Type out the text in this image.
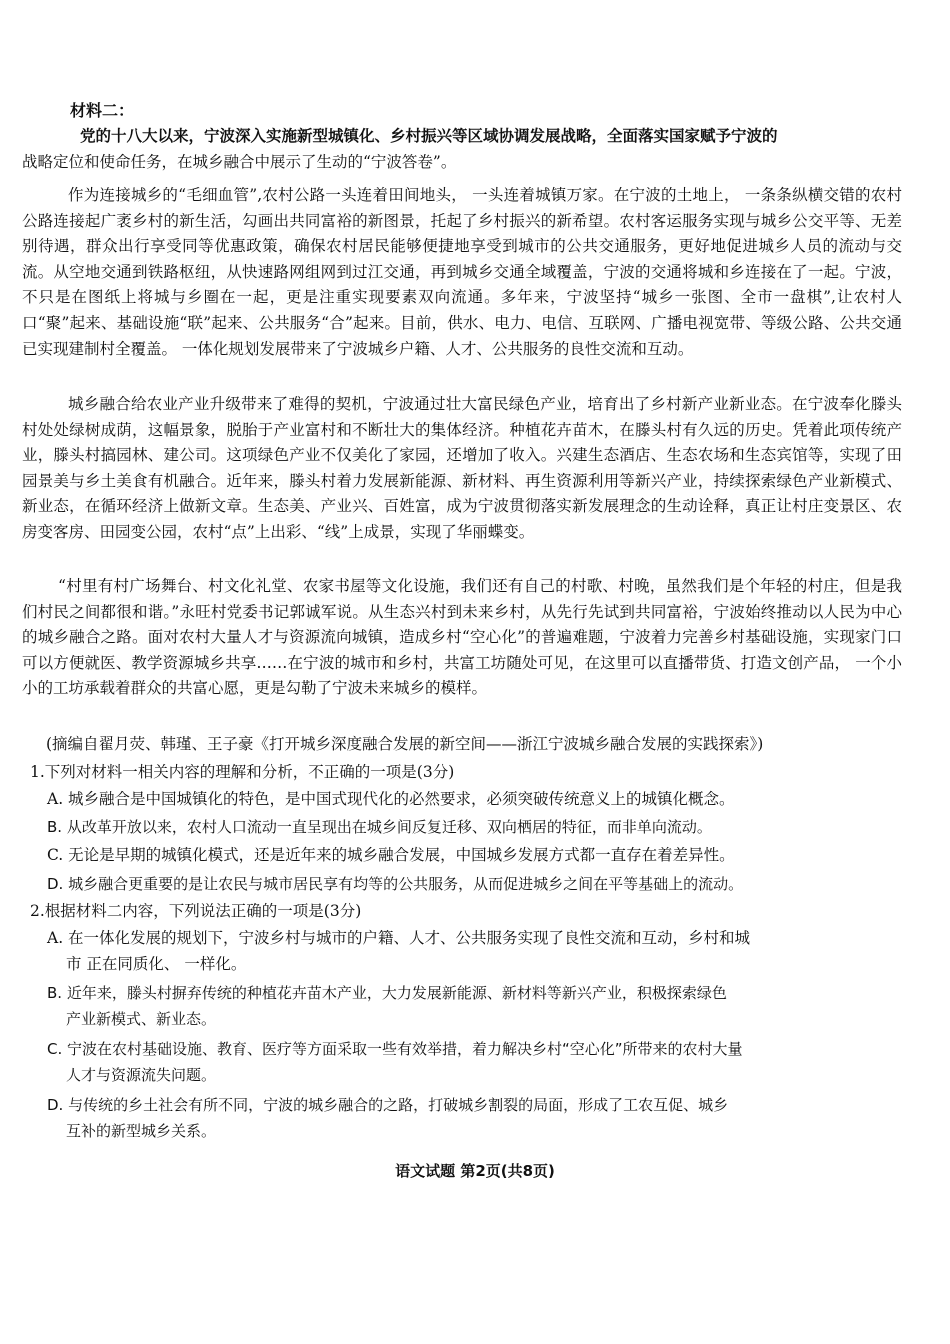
材料二：
党的十八大以来，宁波深入实施新型城镇化、乡村振兴等区域协调发展战略，全面落实国家赋予宁波的
战略定位和使命任务，在城乡融合中展示了生动的“宁波答卷”。
作为连接城乡的“毛细血管”,农村公路一头连着田间地头， 一头连着城镇万家。在宁波的土地上， 一条条纵横交错的农村公路连接起广袤乡村的新生活，勾画出共同富裕的新图景，托起了乡村振兴的新希望。农村客运服务实现与城乡公交平等、无差别待遇，群众出行享受同等优惠政策，确保农村居民能够便捷地享受到城市的公共交通服务，更好地促进城乡人员的流动与交流。从空地交通到铁路枢纽，从快速路网组网到过江交通，再到城乡交通全域覆盖，宁波的交通将城和乡连接在了一起。宁波，不只是在图纸上将城与乡圈在一起，更是注重实现要素双向流通。多年来，宁波坚持“城乡一张图、全市一盘棋”,让农村人口“聚”起来、基础设施“联”起来、公共服务“合”起来。目前，供水、电力、电信、互联网、广播电视宽带、等级公路、公共交通已实现建制村全覆盖。 一体化规划发展带来了宁波城乡户籍、人才、公共服务的良性交流和互动。
城乡融合给农业产业升级带来了难得的契机，宁波通过壮大富民绿色产业，培育出了乡村新产业新业态。在宁波奉化滕头村处处绿树成荫，这幅景象，脱胎于产业富村和不断壮大的集体经济。种植花卉苗木，在滕头村有久远的历史。凭着此项传统产业，滕头村搞园林、建公司。这项绿色产业不仅美化了家园，还增加了收入。兴建生态酒店、生态农场和生态宾馆等，实现了田园景美与乡土美食有机融合。近年来，滕头村着力发展新能源、新材料、再生资源利用等新兴产业，持续探索绿色产业新模式、新业态，在循环经济上做新文章。生态美、产业兴、百姓富，成为宁波贯彻落实新发展理念的生动诠释，真正让村庄变景区、农房变客房、田园变公园，农村“点”上出彩、“线”上成景，实现了华丽蝶变。
“村里有村广场舞台、村文化礼堂、农家书屋等文化设施，我们还有自己的村歌、村晚，虽然我们是个年轻的村庄，但是我们村民之间都很和谐。”永旺村党委书记郭诚军说。从生态兴村到未来乡村，从先行先试到共同富裕，宁波始终推动以人民为中心的城乡融合之路。面对农村大量人才与资源流向城镇，造成乡村“空心化”的普遍难题，宁波着力完善乡村基础设施，实现家门口可以方便就医、教学资源城乡共享……在宁波的城市和乡村，共富工坊随处可见，在这里可以直播带货、打造文创产品， 一个小小的工坊承载着群众的共富心愿，更是勾勒了宁波未来城乡的模样。
(摘编自翟月荧、韩瑾、王子豪《打开城乡深度融合发展的新空间——浙江宁波城乡融合发展的实践探索》)
1.下列对材料一相关内容的理解和分析，不正确的一项是(3分)
A. 城乡融合是中国城镇化的特色，是中国式现代化的必然要求，必须突破传统意义上的城镇化概念。
B. 从改革开放以来，农村人口流动一直呈现出在城乡间反复迁移、双向栖居的特征，而非单向流动。
C. 无论是早期的城镇化模式，还是近年来的城乡融合发展，中国城乡发展方式都一直存在着差异性。
D. 城乡融合更重要的是让农民与城市居民享有均等的公共服务，从而促进城乡之间在平等基础上的流动。
2.根据材料二内容，下列说法正确的一项是(3分)
A. 在一体化发展的规划下，宁波乡村与城市的户籍、人才、公共服务实现了良性交流和互动，乡村和城
市 正在同质化、 一样化。
B. 近年来，滕头村摒弃传统的种植花卉苗木产业，大力发展新能源、新材料等新兴产业，积极探索绿色
产业新模式、新业态。
C. 宁波在农村基础设施、教育、医疗等方面采取一些有效举措，着力解决乡村“空心化”所带来的农村大量
人才与资源流失问题。
D. 与传统的乡土社会有所不同，宁波的城乡融合的之路，打破城乡割裂的局面，形成了工农互促、城乡
互补的新型城乡关系。
语文试题 第2页(共8页)
